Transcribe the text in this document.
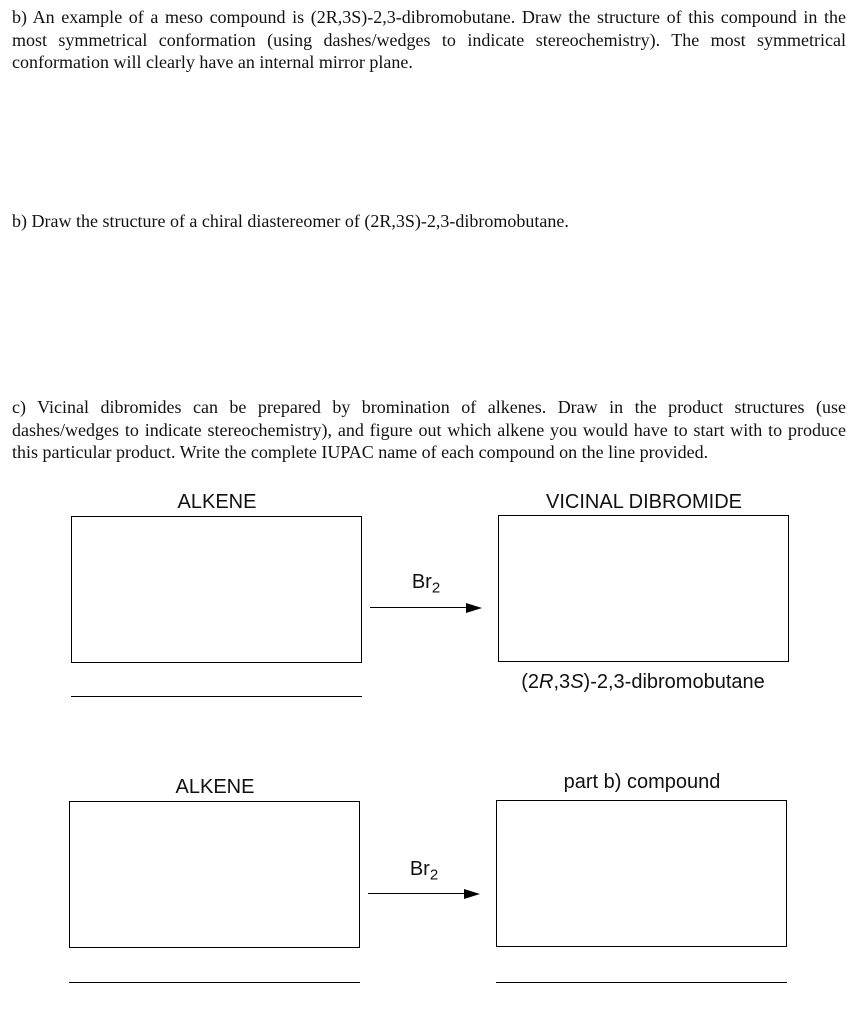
b) An example of a meso compound is (2R,3S)-2,3-dibromobutane. Draw the structure of this compound in the most symmetrical conformation (using dashes/wedges to indicate stereochemistry). The most symmetrical conformation will clearly have an internal mirror plane.

b) Draw the structure of a chiral diastereomer of (2R,3S)-2,3-dibromobutane.

c) Vicinal dibromides can be prepared by bromination of alkenes. Draw in the product structures (use dashes/wedges to indicate stereochemistry), and figure out which alkene you would have to start with to produce this particular product. Write the complete IUPAC name of each compound on the line provided.

ALKENE	VICINAL DIBROMIDE
$Br_2$
(2R,3S)-2,3-dibromobutane
ALKENE	part b) compound
$Br_2$
